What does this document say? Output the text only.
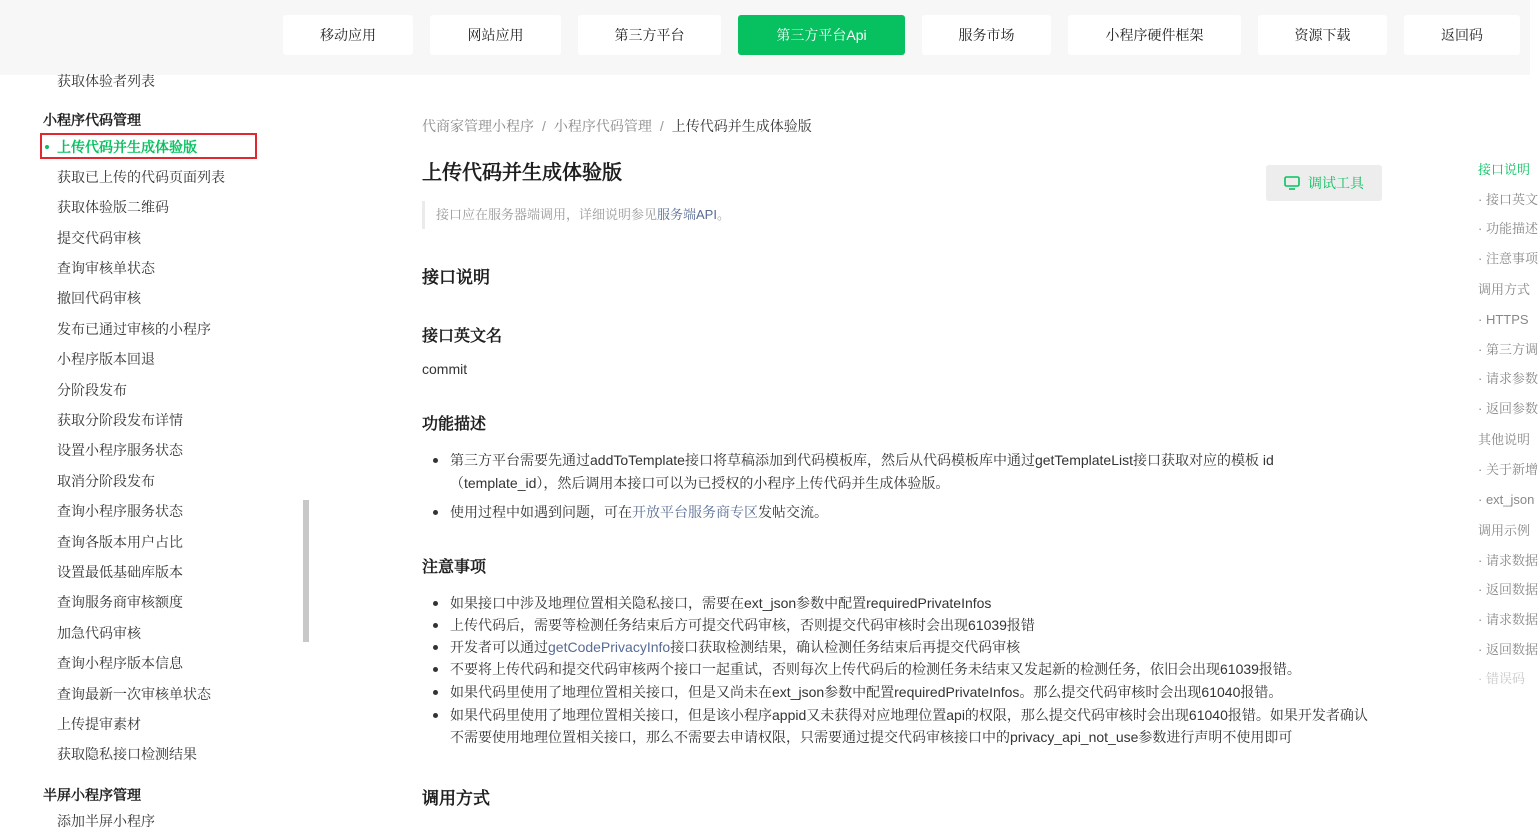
移动应用	网站应用	第三方平台	第三方平台Api	服务市场	小程序硬件框架	资源下载	返回码
获取体验者列表
小程序代码管理
上传代码并生成体验版
获取已上传的代码页面列表
获取体验版二维码
提交代码审核
查询审核单状态
撤回代码审核
发布已通过审核的小程序
小程序版本回退
分阶段发布
获取分阶段发布详情
设置小程序服务状态
取消分阶段发布
查询小程序服务状态
查询各版本用户占比
设置最低基础库版本
查询服务商审核额度
加急代码审核
查询小程序版本信息
查询最新一次审核单状态
上传提审素材
获取隐私接口检测结果
半屏小程序管理
添加半屏小程序
代商家管理小程序 / 小程序代码管理 / 上传代码并生成体验版
上传代码并生成体验版	调试工具
接口应在服务器端调用，详细说明参见服务端API。
接口说明
接口英文名
commit
功能描述
第三方平台需要先通过addToTemplate接口将草稿添加到代码模板库，然后从代码模板库中通过getTemplateList接口获取对应的模板 id
（template_id），然后调用本接口可以为已授权的小程序上传代码并生成体验版。
使用过程中如遇到问题，可在开放平台服务商专区发帖交流。
注意事项
如果接口中涉及地理位置相关隐私接口，需要在ext_json参数中配置requiredPrivateInfos
上传代码后，需要等检测任务结束后方可提交代码审核，否则提交代码审核时会出现61039报错
开发者可以通过getCodePrivacyInfo接口获取检测结果，确认检测任务结束后再提交代码审核
不要将上传代码和提交代码审核两个接口一起重试，否则每次上传代码后的检测任务未结束又发起新的检测任务，依旧会出现61039报错。
如果代码里使用了地理位置相关接口，但是又尚未在ext_json参数中配置requiredPrivateInfos。那么提交代码审核时会出现61040报错。
如果代码里使用了地理位置相关接口，但是该小程序appid又未获得对应地理位置api的权限，那么提交代码审核时会出现61040报错。如果开发者确认
不需要使用地理位置相关接口，那么不需要去申请权限，只需要通过提交代码审核接口中的privacy_api_not_use参数进行声明不使用即可
调用方式
接口说明
· 接口英文
· 功能描述
· 注意事项
调用方式
· HTTPS
· 第三方调
· 请求参数
· 返回参数
其他说明
· 关于新增
· ext_json
调用示例
· 请求数据
· 返回数据
· 请求数据
· 返回数据
· 错误码
